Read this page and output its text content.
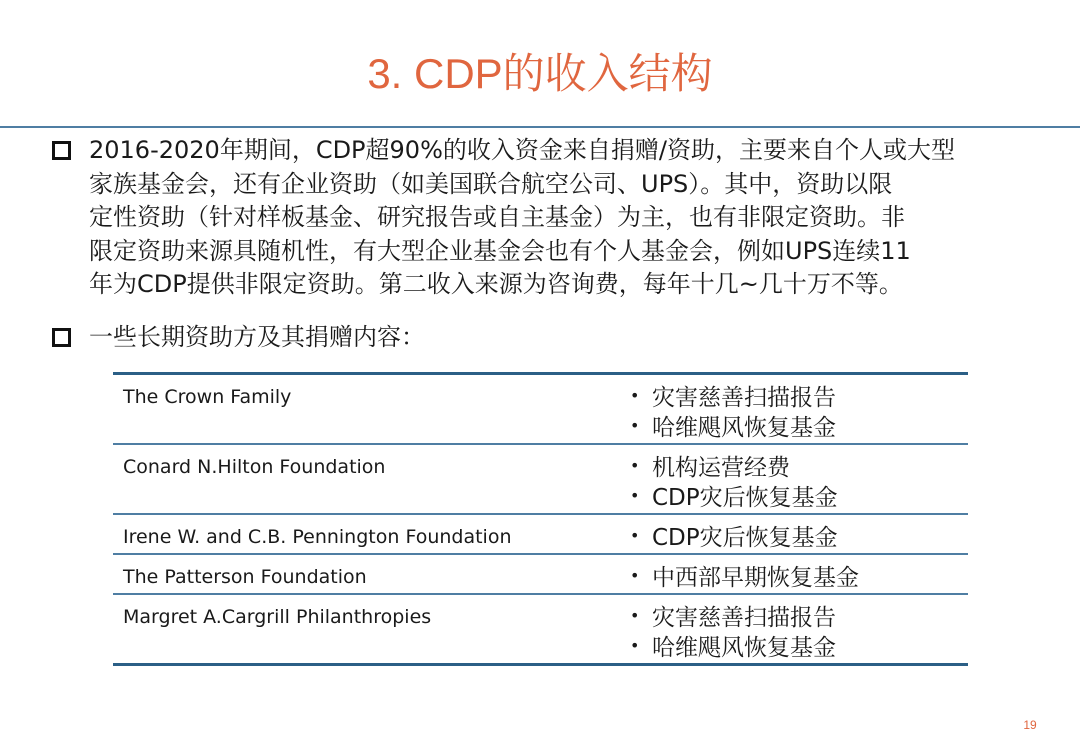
3. CDP的收入结构
2016-2020年期间，CDP超90%的收入资金来自捐赠/资助，主要来自个人或大型
家族基金会，还有企业资助（如美国联合航空公司、UPS）。其中，资助以限
定性资助（针对样板基金、研究报告或自主基金）为主，也有非限定资助。非
限定资助来源具随机性，有大型企业基金会也有个人基金会，例如UPS连续11
年为CDP提供非限定资助。第二收入来源为咨询费，每年十几~几十万不等。
一些长期资助方及其捐赠内容：
The Crown Family	• 灾害慈善扫描报告
• 哈维飓风恢复基金
Conard N.Hilton Foundation	• 机构运营经费
• CDP灾后恢复基金
Irene W. and C.B. Pennington Foundation	• CDP灾后恢复基金
The Patterson Foundation	• 中西部早期恢复基金
Margret A.Cargrill Philanthropies	• 灾害慈善扫描报告
• 哈维飓风恢复基金
19
